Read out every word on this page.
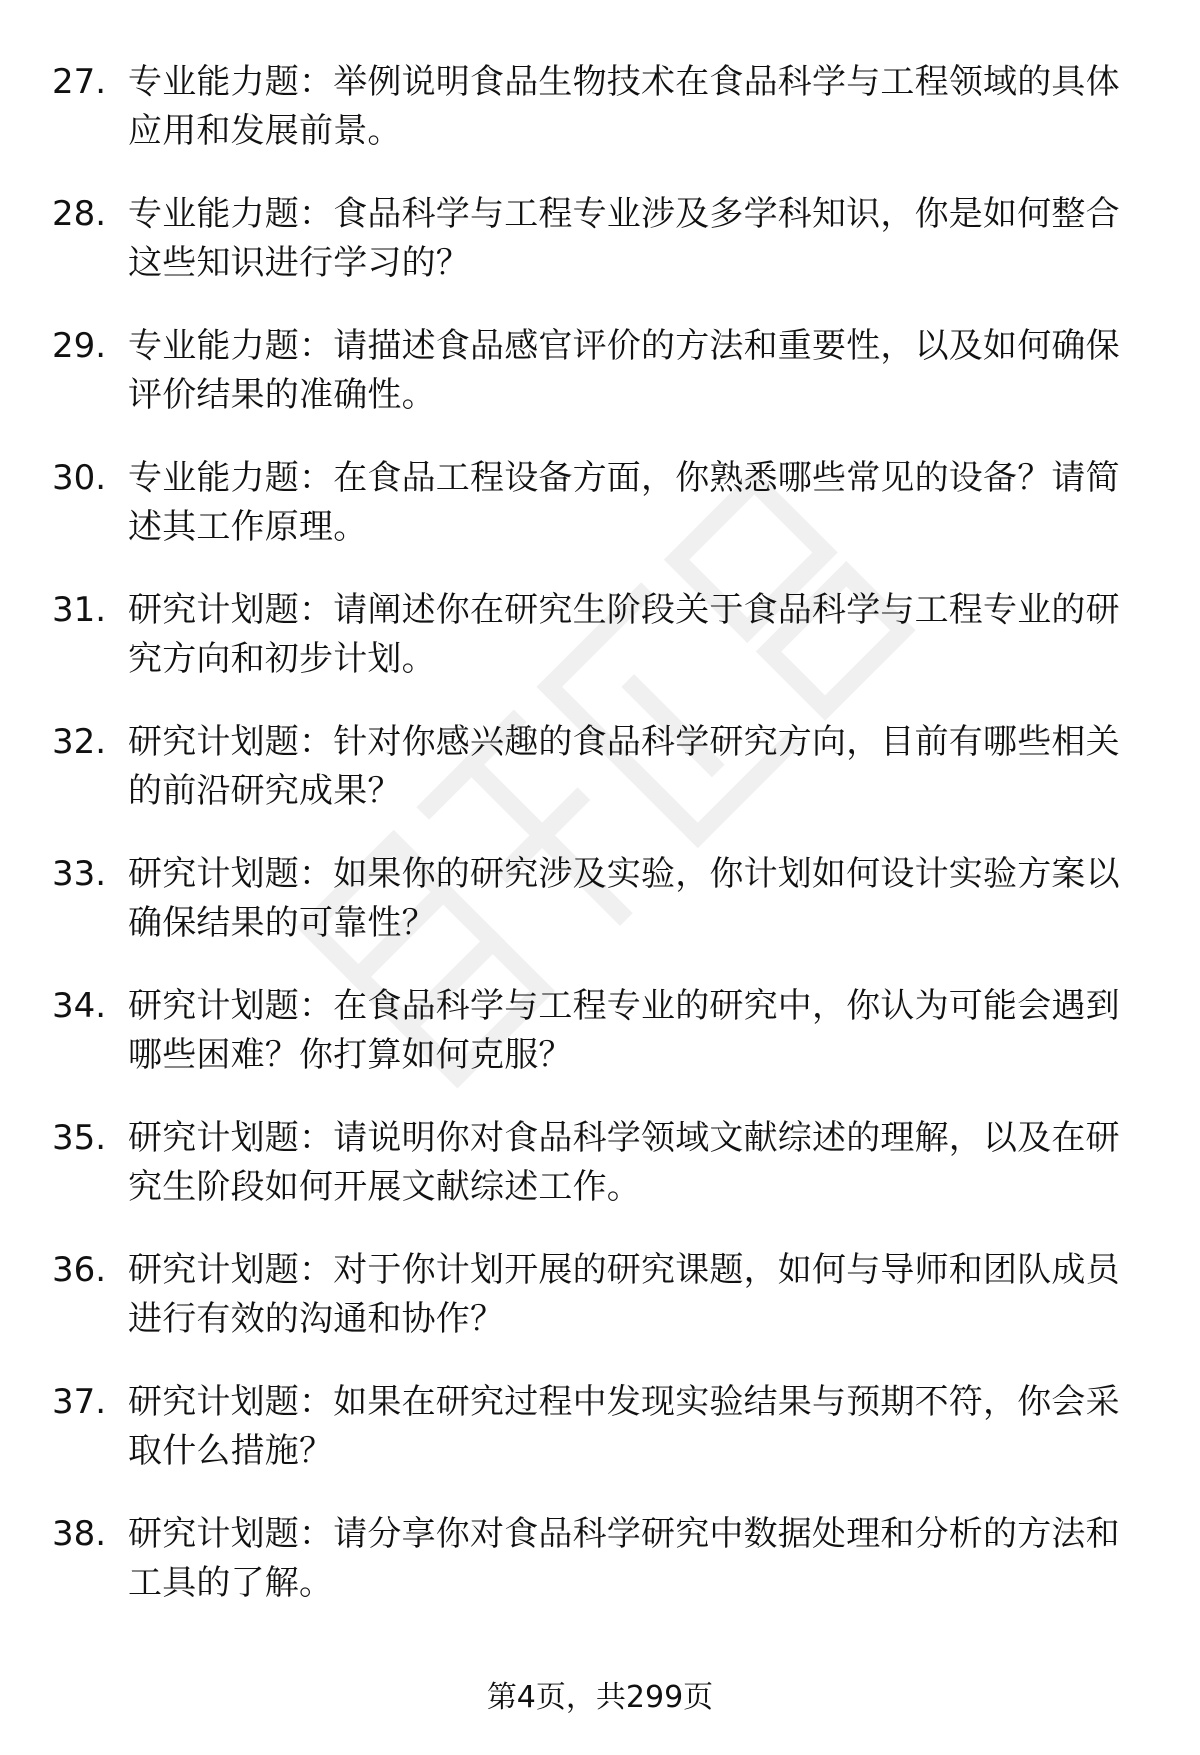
27. 专业能力题：举例说明食品生物技术在食品科学与工程领域的具体应用和发展前景。
28. 专业能力题：食品科学与工程专业涉及多学科知识，你是如何整合这些知识进行学习的？
29. 专业能力题：请描述食品感官评价的方法和重要性，以及如何确保评价结果的准确性。
30. 专业能力题：在食品工程设备方面，你熟悉哪些常见的设备？请简述其工作原理。
31. 研究计划题：请阐述你在研究生阶段关于食品科学与工程专业的研究方向和初步计划。
32. 研究计划题：针对你感兴趣的食品科学研究方向，目前有哪些相关的前沿研究成果？
33. 研究计划题：如果你的研究涉及实验，你计划如何设计实验方案以确保结果的可靠性？
34. 研究计划题：在食品科学与工程专业的研究中，你认为可能会遇到哪些困难？你打算如何克服？
35. 研究计划题：请说明你对食品科学领域文献综述的理解，以及在研究生阶段如何开展文献综述工作。
36. 研究计划题：对于你计划开展的研究课题，如何与导师和团队成员进行有效的沟通和协作？
37. 研究计划题：如果在研究过程中发现实验结果与预期不符，你会采取什么措施？
38. 研究计划题：请分享你对食品科学研究中数据处理和分析的方法和工具的了解。
第4页，共299页
